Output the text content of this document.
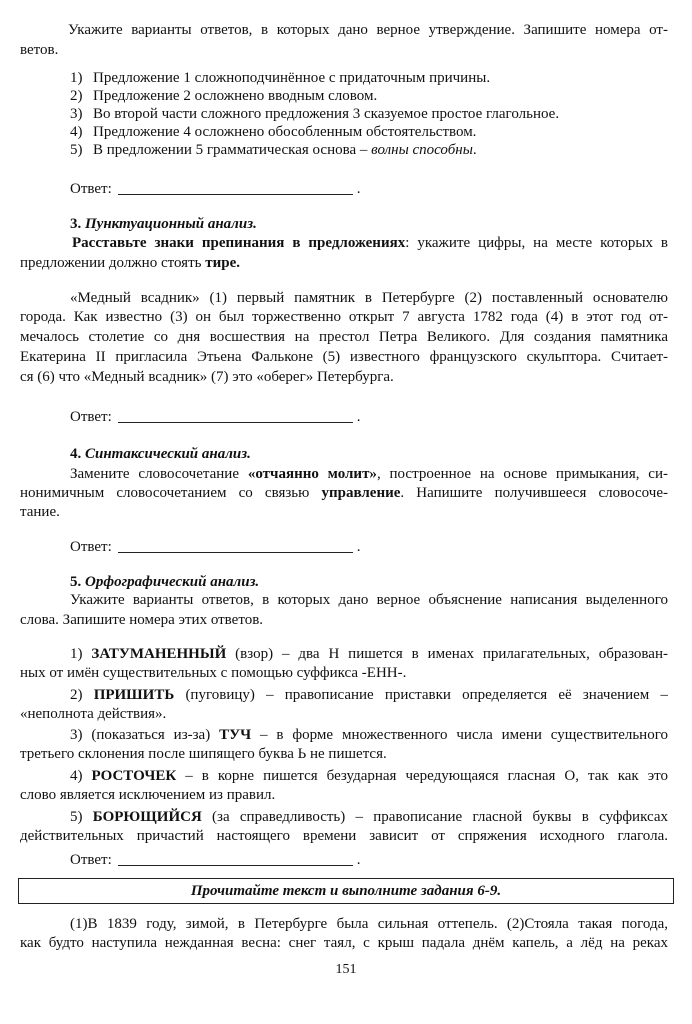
Укажите варианты ответов, в которых дано верное утверждение. Запишите номера от-
ветов.
1) Предложение 1 сложноподчинённое с придаточным причины.
2) Предложение 2 осложнено вводным словом.
3) Во второй части сложного предложения 3 сказуемое простое глагольное.
4) Предложение 4 осложнено обособленным обстоятельством.
5) В предложении 5 грамматическая основа – волны способны.
3. Пунктуационный анализ.
Расставьте знаки препинания в предложениях: укажите цифры, на месте которых в
предложении должно стоять тире.
«Медный всадник» (1) первый памятник в Петербурге (2) поставленный основателю
города. Как известно (3) он был торжественно открыт 7 августа 1782 года (4) в этот год от-
мечалось столетие со дня восшествия на престол Петра Великого. Для создания памятника
Екатерина II пригласила Этьена Фальконе (5) известного французского скульптора. Считает-
ся (6) что «Медный всадник» (7) это «оберег» Петербурга.
4. Синтаксический анализ.
Замените словосочетание «отчаянно молит», построенное на основе примыкания, си-
нонимичным словосочетанием со связью управление. Напишите получившееся словосоче-
тание.
5. Орфографический анализ.
Укажите варианты ответов, в которых дано верное объяснение написания выделенного
слова. Запишите номера этих ответов.
1) ЗАТУМАНЕННЫЙ (взор) – два Н пишется в именах прилагательных, образован-
ных от имён существительных с помощью суффикса -ЕНН-.
2) ПРИШИТЬ (пуговицу) – правописание приставки определяется её значением –
«неполнота действия».
3) (показаться из-за) ТУЧ – в форме множественного числа имени существительного
третьего склонения после шипящего буква Ь не пишется.
4) РОСТОЧЕК – в корне пишется безударная чередующаяся гласная О, так как это
слово является исключением из правил.
5) БОРЮЩИЙСЯ (за справедливость) – правописание гласной буквы в суффиксах
действительных причастий настоящего времени зависит от спряжения исходного глагола.
(1)В 1839 году, зимой, в Петербурге была сильная оттепель. (2)Стояла такая погода,
как будто наступила нежданная весна: снег таял, с крыш падала днём капель, а лёд на реках
Ответ:	.
Ответ:	.
Ответ:	.
Ответ:	.
Прочитайте текст и выполните задания 6-9.
151
